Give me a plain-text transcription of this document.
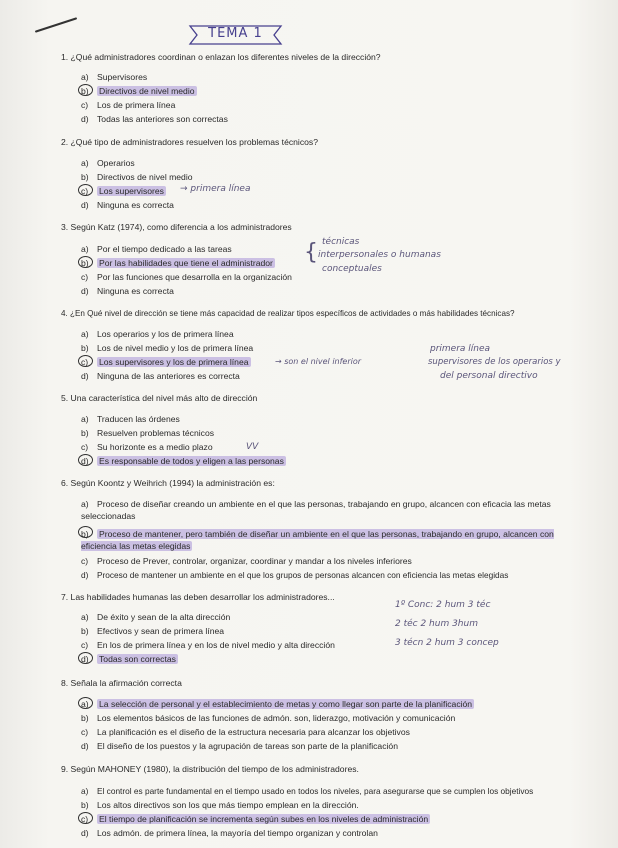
TEMA 1
1. ¿Qué administradores coordinan o enlazan los diferentes niveles de la dirección?
a) Supervisores
b) Directivos de nivel medio
c) Los de primera línea
d) Todas las anteriores son correctas
2. ¿Qué tipo de administradores resuelven los problemas técnicos?
a) Operarios
b) Directivos de nivel medio
c) Los supervisores → primera línea
d) Ninguna es correcta
3. Según Katz (1974), como diferencia a los administradores
a) Por el tiempo dedicado a las tareas
b) Por las habilidades que tiene el administrador
c) Por las funciones que desarrolla en la organización
d) Ninguna es correcta
{ técnicas
interpersonales o humanas
conceptuales
4. ¿En Qué nivel de dirección se tiene más capacidad de realizar tipos específicos de actividades o más habilidades técnicas?
a) Los operarios y los de primera línea
b) Los de nivel medio y los de primera línea
c) Los supervisores y los de primera línea
d) Ninguna de las anteriores es correcta
→ son el nivel inferior
primera línea
supervisores de los operarios y
del personal directivo
5. Una característica del nivel más alto de dirección
a) Traducen las órdenes
b) Resuelven problemas técnicos
c) Su horizonte es a medio plazo	VV
d) Es responsable de todos y eligen a las personas
6. Según Koontz y Weihrich (1994) la administración es:
a) Proceso de diseñar creando un ambiente en el que las personas, trabajando en grupo, alcancen con eficacia las metas seleccionadas
b) Proceso de mantener, pero también de diseñar un ambiente en el que las personas, trabajando en grupo, alcancen con eficiencia las metas elegidas
c) Proceso de Prever, controlar, organizar, coordinar y mandar a los niveles inferiores
d) Proceso de mantener un ambiente en el que los grupos de personas alcancen con eficiencia las metas elegidas
7. Las habilidades humanas las deben desarrollar los administradores...
a) De éxito y sean de la alta dirección
b) Efectivos y sean de primera línea
c) En los de primera línea y en los de nivel medio y alta dirección
d) Todas son correctas
1º Conc: 2 hum 3 téc
2 téc 2 hum 3hum
3 técn 2 hum 3 concep
8. Señala la afirmación correcta
a) La selección de personal y el establecimiento de metas y como llegar son parte de la planificación
b) Los elementos básicos de las funciones de admón. son, liderazgo, motivación y comunicación
c) La planificación es el diseño de la estructura necesaria para alcanzar los objetivos
d) El diseño de los puestos y la agrupación de tareas son parte de la planificación
9. Según MAHONEY (1980), la distribución del tiempo de los administradores.
a) El control es parte fundamental en el tiempo usado en todos los niveles, para asegurarse que se cumplen los objetivos
b) Los altos directivos son los que más tiempo emplean en la dirección.
c) El tiempo de planificación se incrementa según subes en los niveles de administración
d) Los admón. de primera línea, la mayoría del tiempo organizan y controlan
